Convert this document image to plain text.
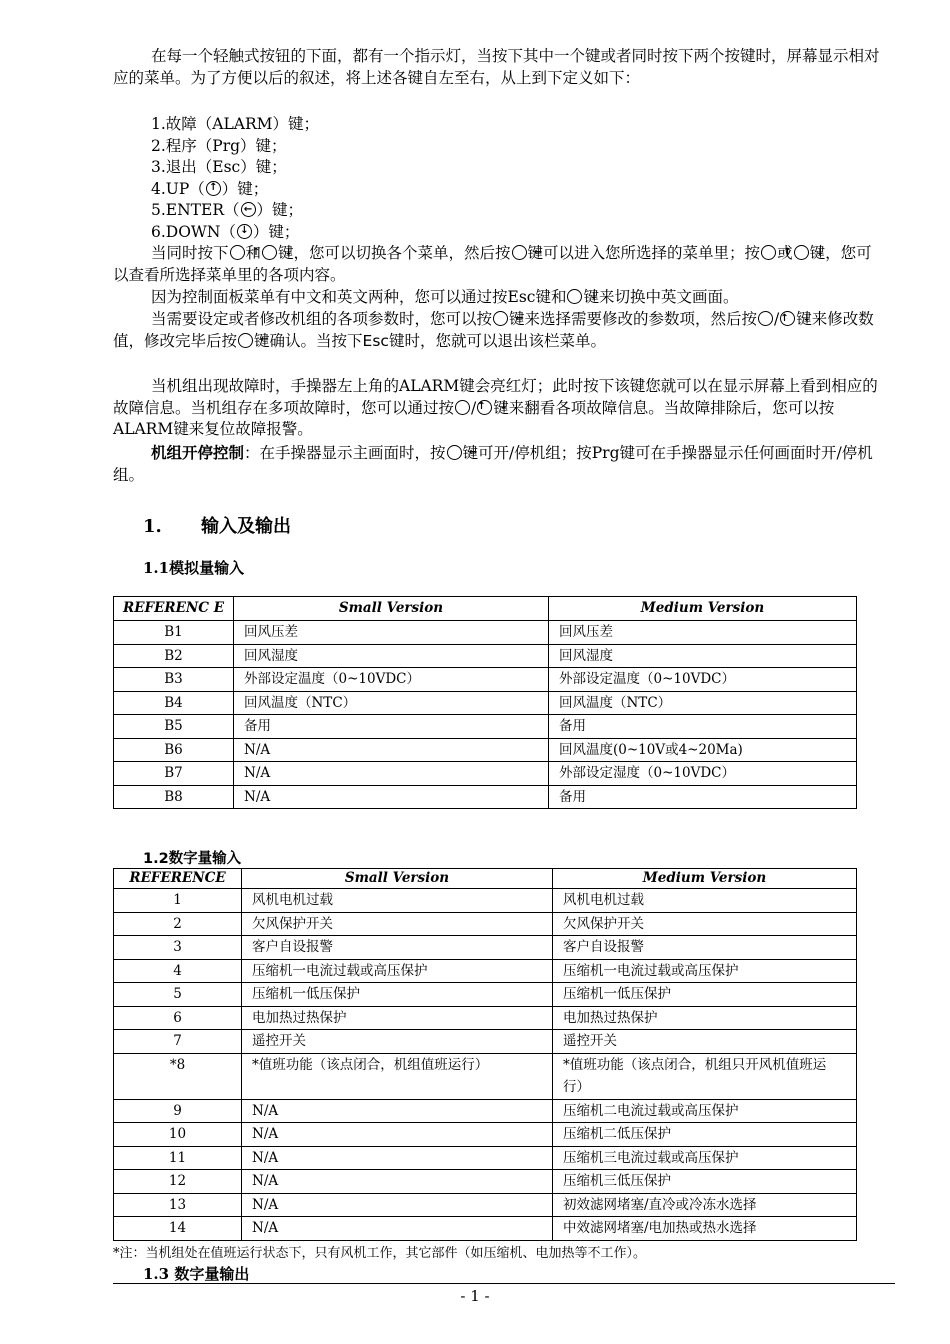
在每一个轻触式按钮的下面，都有一个指示灯，当按下其中一个键或者同时按下两个按键时，屏幕显示相对应的菜单。为了方便以后的叙述，将上述各键自左至右，从上到下定义如下：

1.故障（ALARM）键；

2.程序（Prg）键；

3.退出（Esc）键；

4.UP（ ↑ ）键；

5.ENTER（ ← ）键；

6.DOWN（ ↓ ）键；

当同时按下 ↑ 和 ↓ 键，您可以切换各个菜单，然后按 ← 键可以进入您所选择的菜单里；按 ↑ 或 ↓ 键，您可以查看所选择菜单里的各项内容。

因为控制面板菜单有中文和英文两种，您可以通过按Esc键和 ↓ 键来切换中英文画面。

当需要设定或者修改机组的各项参数时，您可以按 ← 键来选择需要修改的参数项，然后按 ↑ / ↓ 键来修改数值，修改完毕后按 ← 键确认。当按下Esc键时，您就可以退出该栏菜单。

当机组出现故障时，手操器左上角的ALARM键会亮红灯；此时按下该键您就可以在显示屏幕上看到相应的故障信息。当机组存在多项故障时，您可以通过按 ↑ / ↓ 键来翻看各项故障信息。当故障排除后，您可以按ALARM键来复位故障报警。

机组开停控制：在手操器显示主画面时，按 ← 键可开/停机组；按Prg键可在手操器显示任何画面时开/停机组。

1. 输入及输出

1.1模拟量输入

REFERENC E	Small Version	Medium Version
B1	回风压差	回风压差
B2	回风湿度	回风湿度
B3	外部设定温度（0~10VDC）	外部设定温度（0~10VDC）
B4	回风温度（NTC）	回风温度（NTC）
B5	备用	备用
B6	N/A	回风温度(0~10V或4~20Ma)
B7	N/A	外部设定湿度（0~10VDC）
B8	N/A	备用

1.2数字量输入

REFERENCE	Small Version	Medium Version
1	风机电机过载	风机电机过载
2	欠风保护开关	欠风保护开关
3	客户自设报警	客户自设报警
4	压缩机一电流过载或高压保护	压缩机一电流过载或高压保护
5	压缩机一低压保护	压缩机一低压保护
6	电加热过热保护	电加热过热保护
7	遥控开关	遥控开关
*8	*值班功能（该点闭合，机组值班运行）	*值班功能（该点闭合，机组只开风机值班运行）
9	N/A	压缩机二电流过载或高压保护
10	N/A	压缩机二低压保护
11	N/A	压缩机三电流过载或高压保护
12	N/A	压缩机三低压保护
13	N/A	初效滤网堵塞/直冷或冷冻水选择
14	N/A	中效滤网堵塞/电加热或热水选择

*注：当机组处在值班运行状态下，只有风机工作，其它部件（如压缩机、电加热等不工作）。

1.3 数字量输出

- 1 -
